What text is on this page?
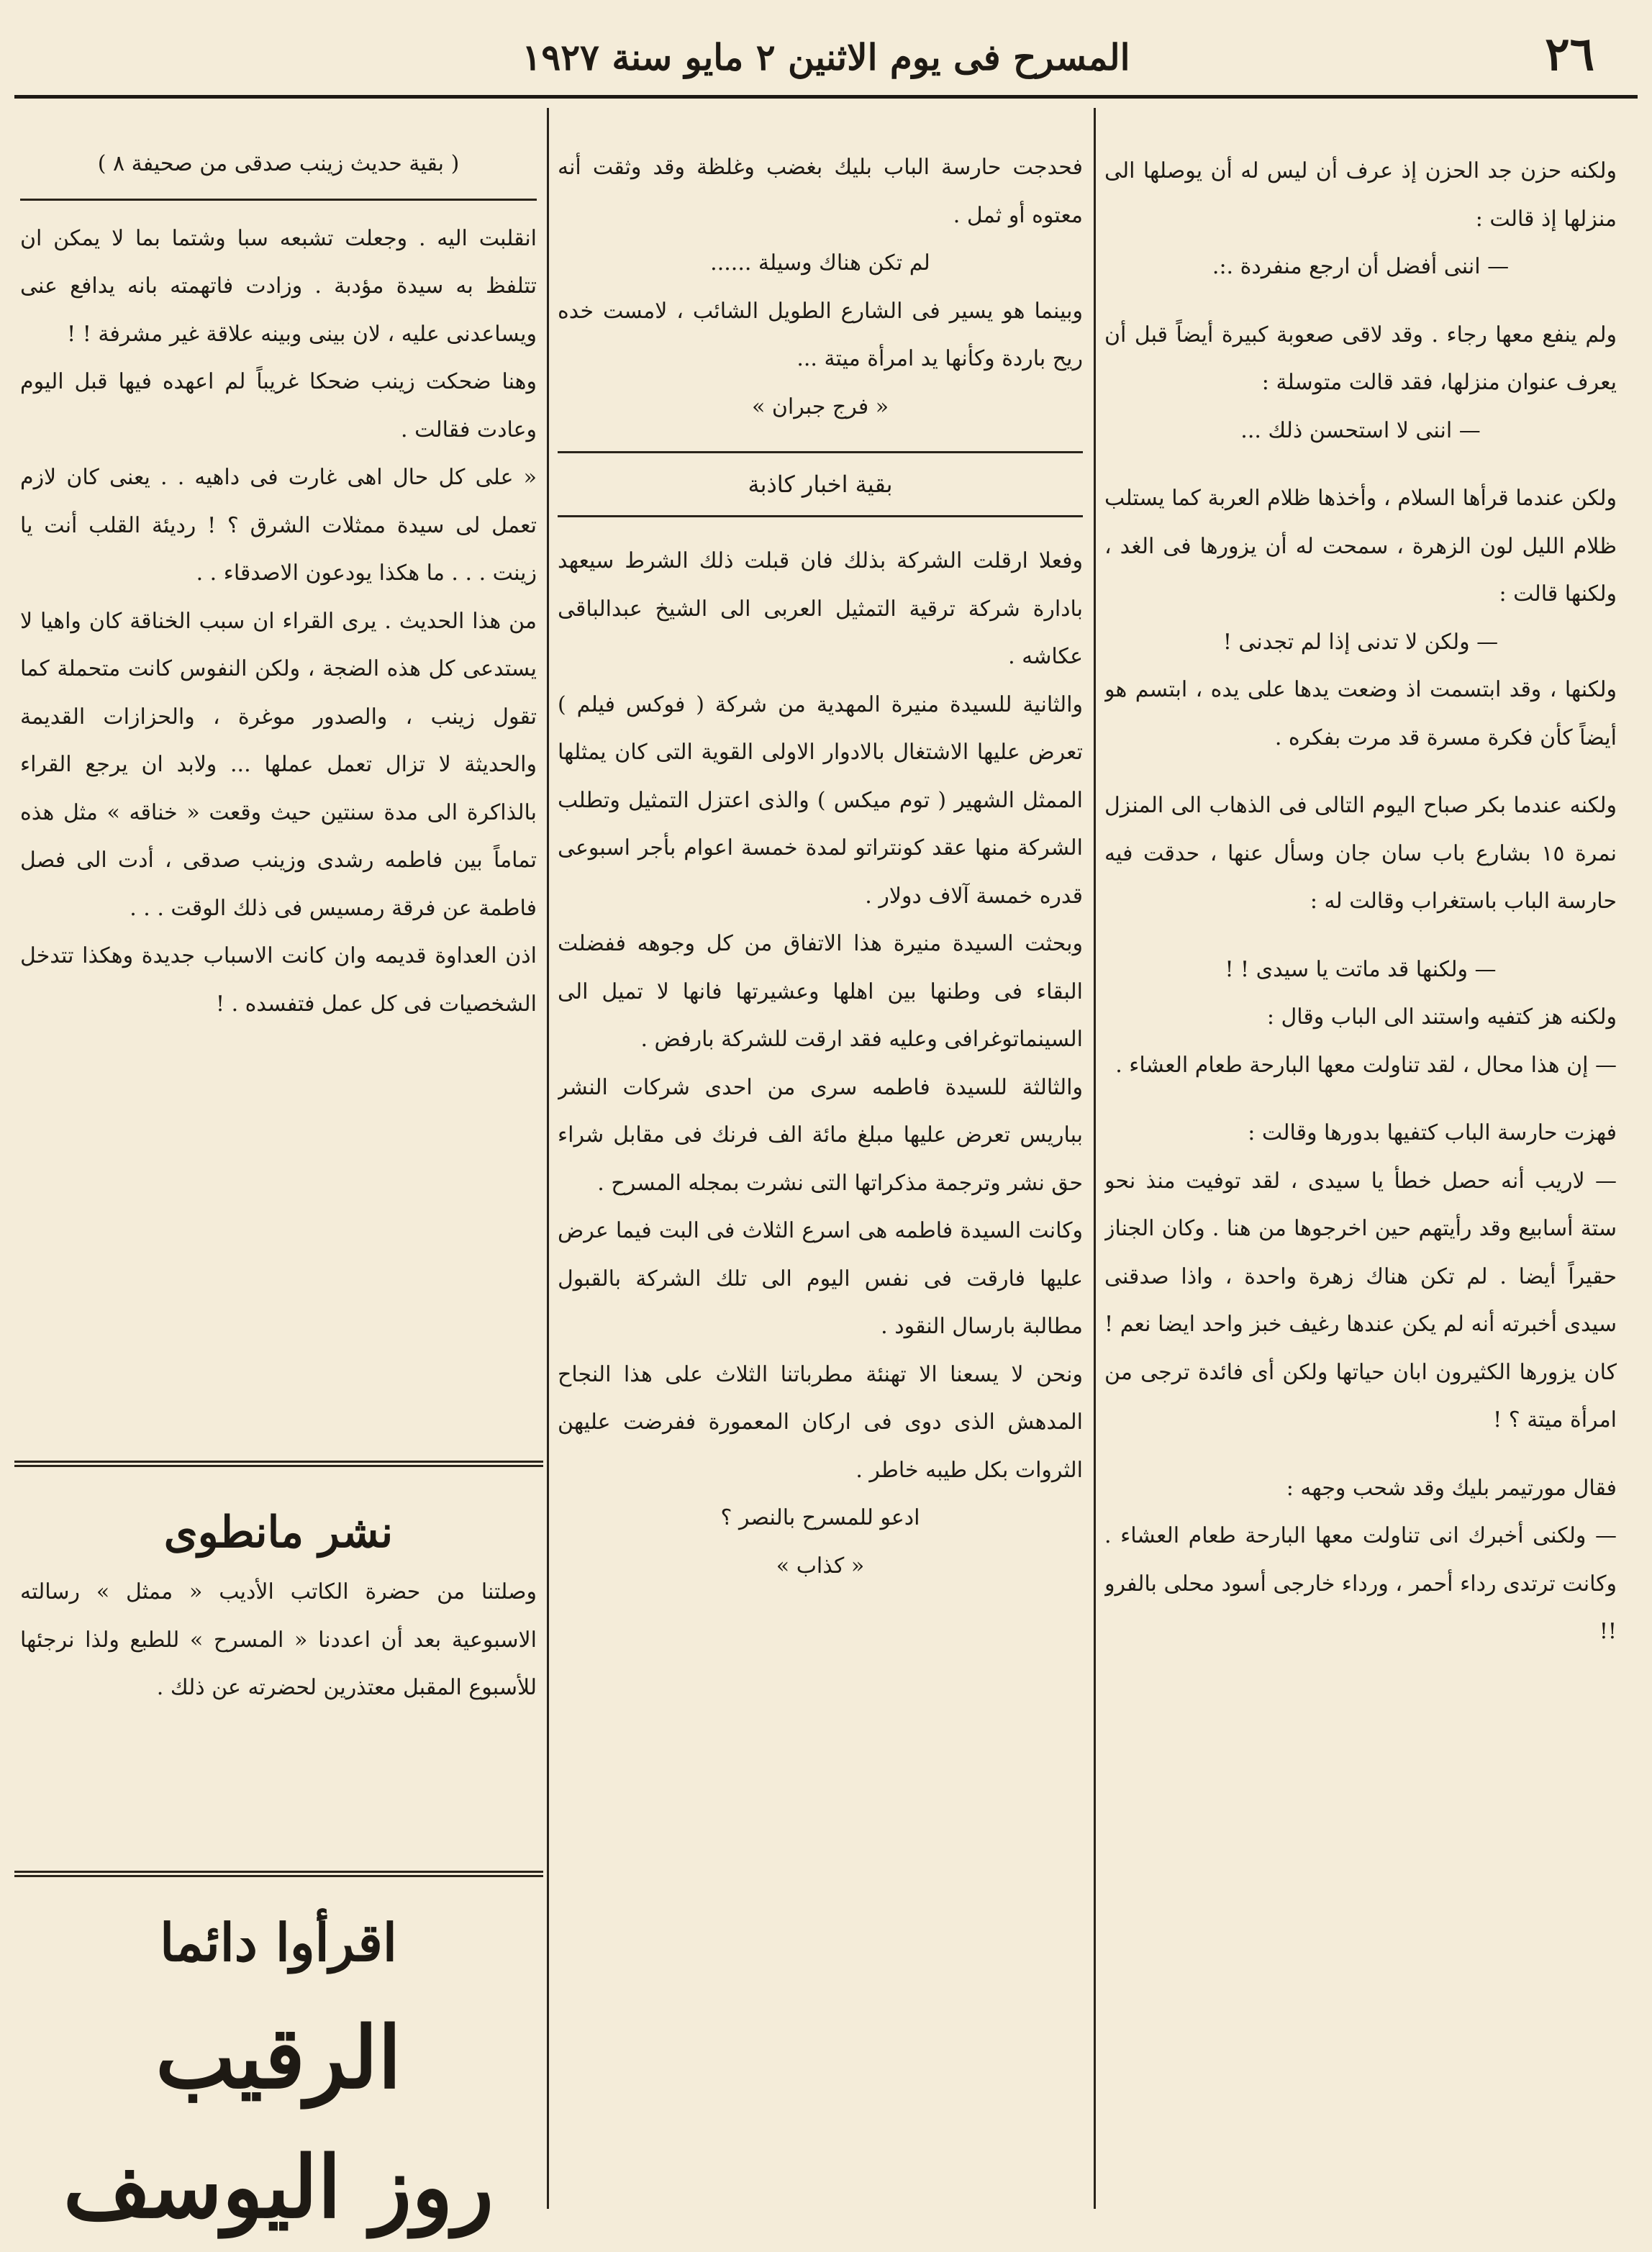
٢٦
المسرح فى يوم الاثنين ٢ مايو سنة ١٩٢٧

ولكنه حزن جد الحزن إذ عرف أن ليس له أن يوصلها الى منزلها إذ قالت :

— اننى أفضل أن ارجع منفردة .:.

ولم ينفع معها رجاء . وقد لاقى صعوبة كبيرة أيضاً قبل أن يعرف عنوان منزلها، فقد قالت متوسلة :

— اننى لا استحسن ذلك ...

ولكن عندما قرأها السلام ، وأخذها ظلام العربة كما يستلب ظلام الليل لون الزهرة ، سمحت له أن يزورها فى الغد ، ولكنها قالت :

— ولكن لا تدنى إذا لم تجدنى !

ولكنها ، وقد ابتسمت اذ وضعت يدها على يده ، ابتسم هو أيضاً كأن فكرة مسرة قد مرت بفكره .

ولكنه عندما بكر صباح اليوم التالى فى الذهاب الى المنزل نمرة ١٥ بشارع باب سان جان وسأل عنها ، حدقت فيه حارسة الباب باستغراب وقالت له :

— ولكنها قد ماتت يا سيدى ! !

ولكنه هز كتفيه واستند الى الباب وقال :

— إن هذا محال ، لقد تناولت معها البارحة طعام العشاء .

فهزت حارسة الباب كتفيها بدورها وقالت :

— لاريب أنه حصل خطأ يا سيدى ، لقد توفيت منذ نحو ستة أسابيع وقد رأيتهم حين اخرجوها من هنا . وكان الجناز حقيراً أيضا . لم تكن هناك زهرة واحدة ، واذا صدقنى سيدى أخبرته أنه لم يكن عندها رغيف خبز واحد ايضا نعم ! كان يزورها الكثيرون ابان حياتها ولكن أى فائدة ترجى من امرأة ميتة ؟ !

فقال مورتيمر بليك وقد شحب وجهه :

— ولكنى أخبرك انى تناولت معها البارحة طعام العشاء . وكانت ترتدى رداء أحمر ، ورداء خارجى أسود محلى بالفرو !!

فحدجت حارسة الباب بليك بغضب وغلظة وقد وثقت أنه معتوه أو ثمل .

لم تكن هناك وسيلة ......

وبينما هو يسير فى الشارع الطويل الشائب ، لامست خده ريح باردة وكأنها يد امرأة ميتة ...

« فرج جبران »

بقية اخبار كاذبة

وفعلا ارقلت الشركة بذلك فان قبلت ذلك الشرط سيعهد بادارة شركة ترقية التمثيل العربى الى الشيخ عبدالباقى عكاشه .

والثانية للسيدة منيرة المهدية من شركة ( فوكس فيلم ) تعرض عليها الاشتغال بالادوار الاولى القوية التى كان يمثلها الممثل الشهير ( توم ميكس ) والذى اعتزل التمثيل وتطلب الشركة منها عقد كونتراتو لمدة خمسة اعوام بأجر اسبوعى قدره خمسة آلاف دولار .

وبحثت السيدة منيرة هذا الاتفاق من كل وجوهه ففضلت البقاء فى وطنها بين اهلها وعشيرتها فانها لا تميل الى السينماتوغرافى وعليه فقد ارقت للشركة بارفض .

والثالثة للسيدة فاطمه سرى من احدى شركات النشر بباريس تعرض عليها مبلغ مائة الف فرنك فى مقابل شراء حق نشر وترجمة مذكراتها التى نشرت بمجله المسرح .

وكانت السيدة فاطمه هى اسرع الثلاث فى البت فيما عرض عليها فارقت فى نفس اليوم الى تلك الشركة بالقبول مطالبة بارسال النقود .

ونحن لا يسعنا الا تهنئة مطرباتنا الثلاث على هذا النجاح المدهش الذى دوى فى اركان المعمورة ففرضت عليهن الثروات بكل طيبه خاطر .

ادعو للمسرح بالنصر ؟

« كذاب »

( بقية حديث زينب صدقى من صحيفة ٨ )

انقلبت اليه . وجعلت تشبعه سبا وشتما بما لا يمكن ان تتلفظ به سيدة مؤدبة . وزادت فاتهمته بانه يدافع عنى ويساعدنى عليه ، لان بينى وبينه علاقة غير مشرفة ! !

وهنا ضحكت زينب ضحكا غريباً لم اعهده فيها قبل اليوم وعادت فقالت .

« على كل حال اهى غارت فى داهيه . . يعنى كان لازم تعمل لى سيدة ممثلات الشرق ؟ ! رديئة القلب أنت يا زينت . . . ما هكذا يودعون الاصدقاء . .

من هذا الحديث . يرى القراء ان سبب الخناقة كان واهيا لا يستدعى كل هذه الضجة ، ولكن النفوس كانت متحملة كما تقول زينب ، والصدور موغرة ، والحزازات القديمة والحديثة لا تزال تعمل عملها ... ولابد ان يرجع القراء بالذاكرة الى مدة سنتين حيث وقعت « خناقه » مثل هذه تماماً بين فاطمه رشدى وزينب صدقى ، أدت الى فصل فاطمة عن فرقة رمسيس فى ذلك الوقت . . .

اذن العداوة قديمه وان كانت الاسباب جديدة وهكذا تتدخل الشخصيات فى كل عمل فتفسده . !

نشر مانطوى

وصلتنا من حضرة الكاتب الأديب « ممثل » رسالته الاسبوعية بعد أن اعددنا « المسرح » للطبع ولذا نرجئها للأسبوع المقبل معتذرين لحضرته عن ذلك .

اقرأوا دائما

الرقيب

روز اليوسف
